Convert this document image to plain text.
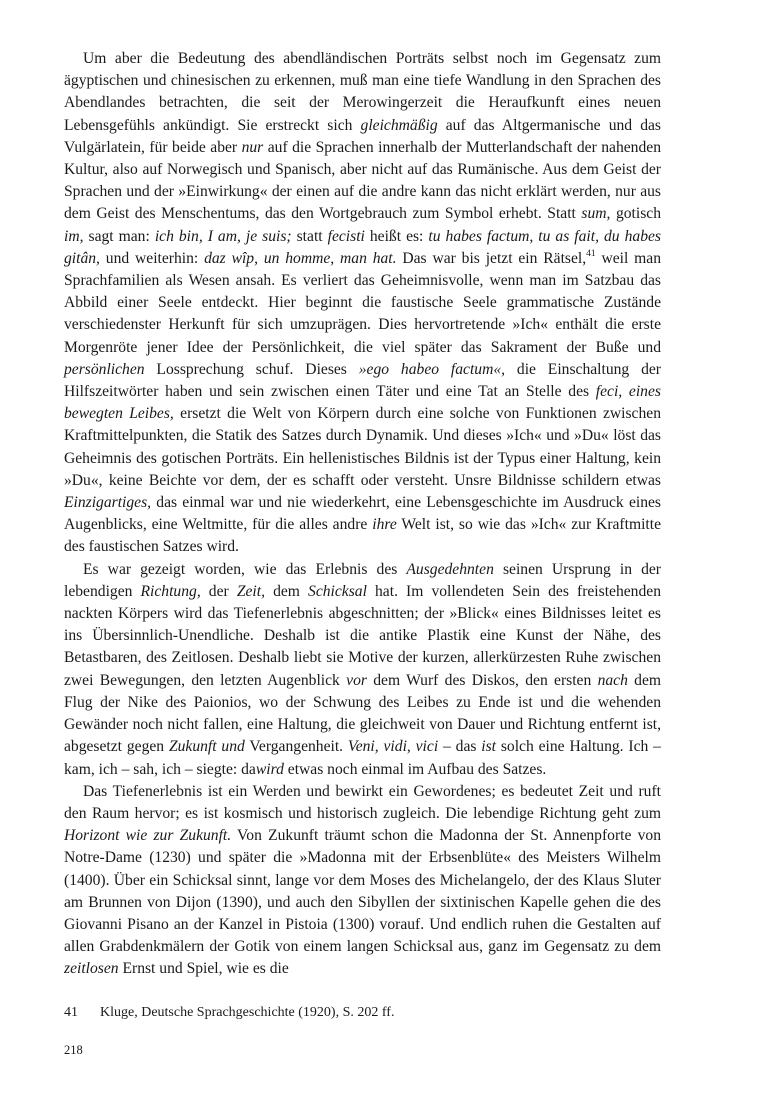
Um aber die Bedeutung des abendländischen Porträts selbst noch im Gegensatz zum ägyptischen und chinesischen zu erkennen, muß man eine tiefe Wandlung in den Sprachen des Abendlandes betrachten, die seit der Merowingerzeit die Heraufkunft eines neuen Lebensgefühls ankündigt. Sie erstreckt sich gleichmäßig auf das Altgermanische und das Vulgärlatein, für beide aber nur auf die Sprachen innerhalb der Mutterlandschaft der nahenden Kultur, also auf Norwegisch und Spanisch, aber nicht auf das Rumänische. Aus dem Geist der Sprachen und der »Einwirkung« der einen auf die andre kann das nicht erklärt werden, nur aus dem Geist des Menschentums, das den Wortgebrauch zum Symbol erhebt. Statt sum, gotisch im, sagt man: ich bin, I am, je suis; statt fecisti heißt es: tu habes factum, tu as fait, du habes gitân, und weiterhin: daz wîp, un homme, man hat. Das war bis jetzt ein Rätsel,$^{41}$ weil man Sprachfamilien als Wesen ansah. Es verliert das Geheimnisvolle, wenn man im Satzbau das Abbild einer Seele entdeckt. Hier beginnt die faustische Seele grammatische Zustände verschiedenster Herkunft für sich umzuprägen. Dies hervortretende »Ich« enthält die erste Morgenröte jener Idee der Persönlichkeit, die viel später das Sakrament der Buße und persönlichen Lossprechung schuf. Dieses »ego habeo factum«, die Einschaltung der Hilfszeitwörter haben und sein zwischen einen Täter und eine Tat an Stelle des feci, eines bewegten Leibes, ersetzt die Welt von Körpern durch eine solche von Funktionen zwischen Kraftmittelpunkten, die Statik des Satzes durch Dynamik. Und dieses »Ich« und »Du« löst das Geheimnis des gotischen Porträts. Ein hellenistisches Bildnis ist der Typus einer Haltung, kein »Du«, keine Beichte vor dem, der es schafft oder versteht. Unsre Bildnisse schildern etwas Einzigartiges, das einmal war und nie wiederkehrt, eine Lebensgeschichte im Ausdruck eines Augenblicks, eine Weltmitte, für die alles andre ihre Welt ist, so wie das »Ich« zur Kraftmitte des faustischen Satzes wird.

Es war gezeigt worden, wie das Erlebnis des Ausgedehnten seinen Ursprung in der lebendigen Richtung, der Zeit, dem Schicksal hat. Im vollendeten Sein des freistehenden nackten Körpers wird das Tiefenerlebnis abgeschnitten; der »Blick« eines Bildnisses leitet es ins Übersinnlich-Unendliche. Deshalb ist die antike Plastik eine Kunst der Nähe, des Betastbaren, des Zeitlosen. Deshalb liebt sie Motive der kurzen, allerkürzesten Ruhe zwischen zwei Bewegungen, den letzten Augenblick vor dem Wurf des Diskos, den ersten nach dem Flug der Nike des Paionios, wo der Schwung des Leibes zu Ende ist und die wehenden Gewänder noch nicht fallen, eine Haltung, die gleichweit von Dauer und Richtung entfernt ist, abgesetzt gegen Zukunft und Vergangenheit. Veni, vidi, vici – das ist solch eine Haltung. Ich – kam, ich – sah, ich – siegte: dawird etwas noch einmal im Aufbau des Satzes.

Das Tiefenerlebnis ist ein Werden und bewirkt ein Gewordenes; es bedeutet Zeit und ruft den Raum hervor; es ist kosmisch und historisch zugleich. Die lebendige Richtung geht zum Horizont wie zur Zukunft. Von Zukunft träumt schon die Madonna der St. Annenpforte von Notre-Dame (1230) und später die »Madonna mit der Erbsenblüte« des Meisters Wilhelm (1400). Über ein Schicksal sinnt, lange vor dem Moses des Michelangelo, der des Klaus Sluter am Brunnen von Dijon (1390), und auch den Sibyllen der sixtinischen Kapelle gehen die des Giovanni Pisano an der Kanzel in Pistoia (1300) vorauf. Und endlich ruhen die Gestalten auf allen Grabdenkmälern der Gotik von einem langen Schicksal aus, ganz im Gegensatz zu dem zeitlosen Ernst und Spiel, wie es die

41 Kluge, Deutsche Sprachgeschichte (1920), S. 202 ff.
218
